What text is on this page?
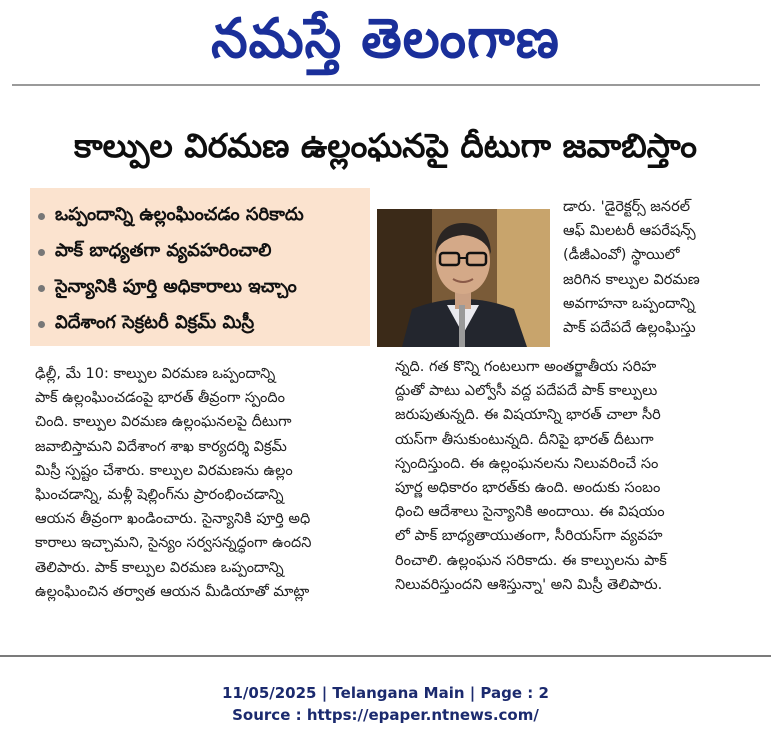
నమస్తే తెలంగాణ
కాల్పుల విరమణ ఉల్లంఘనపై దీటుగా జవాబిస్తాం
ఒప్పందాన్ని ఉల్లంఘించడం సరికాదు
పాక్ బాధ్యతగా వ్యవహరించాలి
సైన్యానికి పూర్తి అధికారాలు ఇచ్చాం
విదేశాంగ సెక్రటరీ విక్రమ్ మిస్రీ
డారు. 'డైరెక్టర్స్ జనరల్
ఆఫ్ మిలటరీ ఆపరేషన్స్
(డీజీఎంవో) స్థాయిలో
జరిగిన కాల్పుల విరమణ
అవగాహనా ఒప్పందాన్ని
పాక్ పదేపదే ఉల్లంఘిస్తు
ఢిల్లీ, మే 10: కాల్పుల విరమణ ఒప్పందాన్ని
పాక్ ఉల్లంఘించడంపై భారత్ తీవ్రంగా స్పందిం
చింది. కాల్పుల విరమణ ఉల్లంఘనలపై దీటుగా
జవాబిస్తామని విదేశాంగ శాఖ కార్యదర్శి విక్రమ్
మిస్రీ స్పష్టం చేశారు. కాల్పుల విరమణను ఉల్లం
ఘించడాన్ని, మళ్లీ షెల్లింగ్‌ను ప్రారంభించడాన్ని
ఆయన తీవ్రంగా ఖండించారు. సైన్యానికి పూర్తి అధి
కారాలు ఇచ్చామని, సైన్యం సర్వసన్నద్ధంగా ఉందని
తెలిపారు. పాక్ కాల్పుల విరమణ ఒప్పందాన్ని
ఉల్లంఘించిన తర్వాత ఆయన మీడియాతో మాట్లా
న్నది. గత కొన్ని గంటలుగా అంతర్జాతీయ సరిహ
ద్దుతో పాటు ఎల్వోసీ వద్ద పదేపదే పాక్ కాల్పులు
జరుపుతున్నది. ఈ విషయాన్ని భారత్ చాలా సీరి
యస్‌గా తీసుకుంటున్నది. దీనిపై భారత్ దీటుగా
స్పందిస్తుంది. ఈ ఉల్లంఘనలను నిలువరించే సం
పూర్ణ అధికారం భారత్‌కు ఉంది. అందుకు సంబం
ధించి ఆదేశాలు సైన్యానికి అందాయి. ఈ విషయం
లో పాక్ బాధ్యతాయుతంగా, సీరియస్‌గా వ్యవహ
రించాలి. ఉల్లంఘన సరికాదు. ఈ కాల్పులను పాక్
నిలువరిస్తుందని ఆశిస్తున్నా' అని మిస్రీ తెలిపారు.
11/05/2025 | Telangana Main | Page : 2
Source : https://epaper.ntnews.com/
